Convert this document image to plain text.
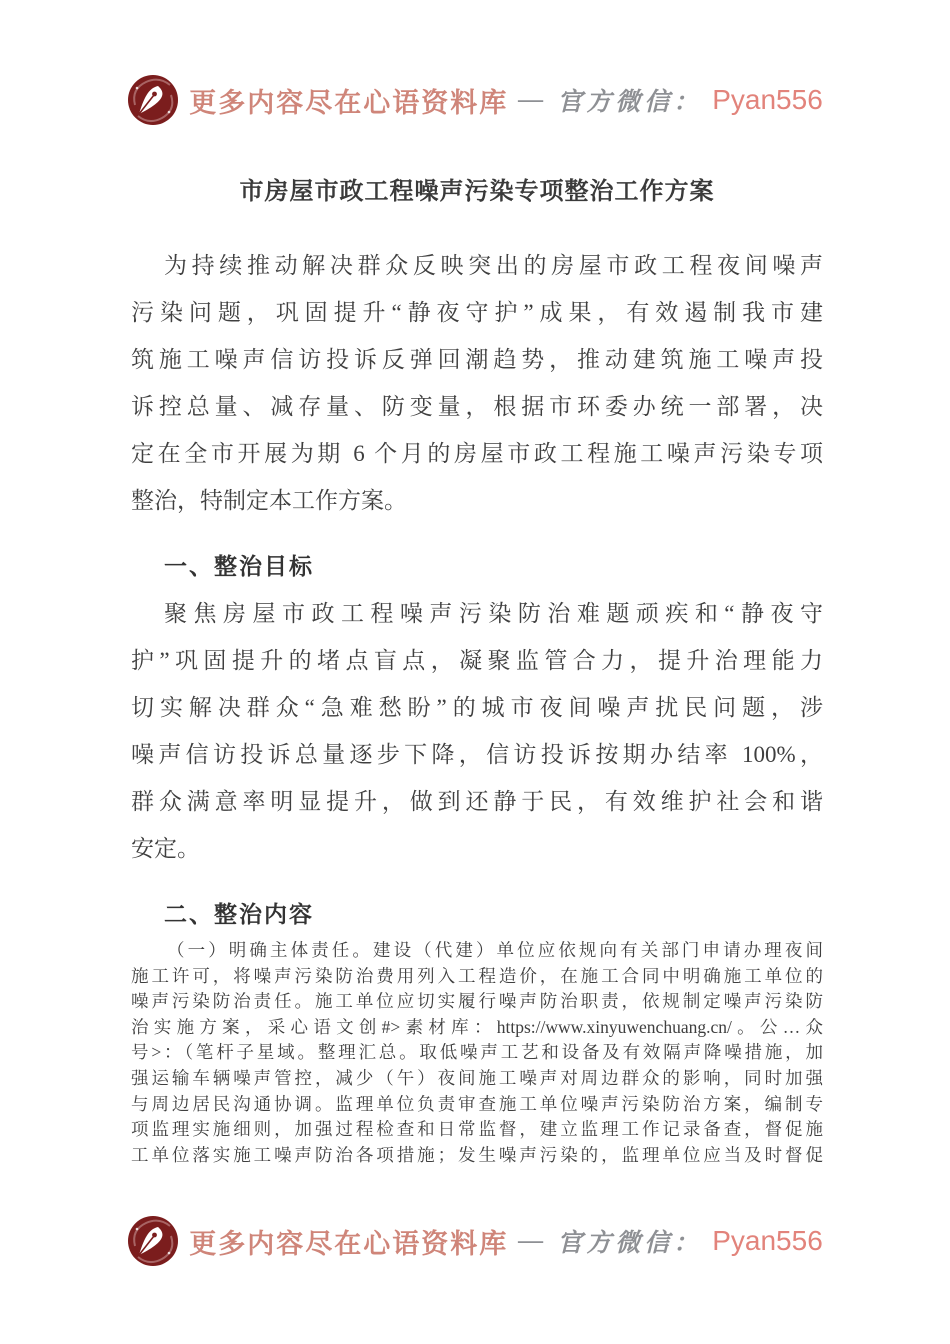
更多内容尽在心语资料库 — 官方微信： Pyan556
市房屋市政工程噪声污染专项整治工作方案
为持续推动解决群众反映突出的房屋市政工程夜间噪声
污染问题，巩固提升“静夜守护”成果，有效遏制我市建
筑施工噪声信访投诉反弹回潮趋势，推动建筑施工噪声投
诉控总量、减存量、防变量，根据市环委办统一部署，决
定在全市开展为期 6 个月的房屋市政工程施工噪声污染专项
整治，特制定本工作方案。
一、整治目标
聚焦房屋市政工程噪声污染防治难题顽疾和“静夜守
护”巩固提升的堵点盲点，凝聚监管合力，提升治理能力
切实解决群众“急难愁盼”的城市夜间噪声扰民问题，涉
噪声信访投诉总量逐步下降，信访投诉按期办结率 100%，
群众满意率明显提升，做到还静于民，有效维护社会和谐
安定。
二、整治内容
（一）明确主体责任。建设（代建）单位应依规向有关部门申请办理夜间
施工许可，将噪声污染防治费用列入工程造价，在施工合同中明确施工单位的
噪声污染防治责任。施工单位应切实履行噪声防治职责，依规制定噪声污染防
治实施方案，采心语文创#>素材库：https://www.xinyuwenchuang.cn/。公…众
号>：（笔杆子星域。整理汇总。取低噪声工艺和设备及有效隔声降噪措施，加
强运输车辆噪声管控，减少（午）夜间施工噪声对周边群众的影响，同时加强
与周边居民沟通协调。监理单位负责审查施工单位噪声污染防治方案，编制专
项监理实施细则，加强过程检查和日常监督，建立监理工作记录备查，督促施
工单位落实施工噪声防治各项措施；发生噪声污染的，监理单位应当及时督促
更多内容尽在心语资料库 — 官方微信： Pyan556
